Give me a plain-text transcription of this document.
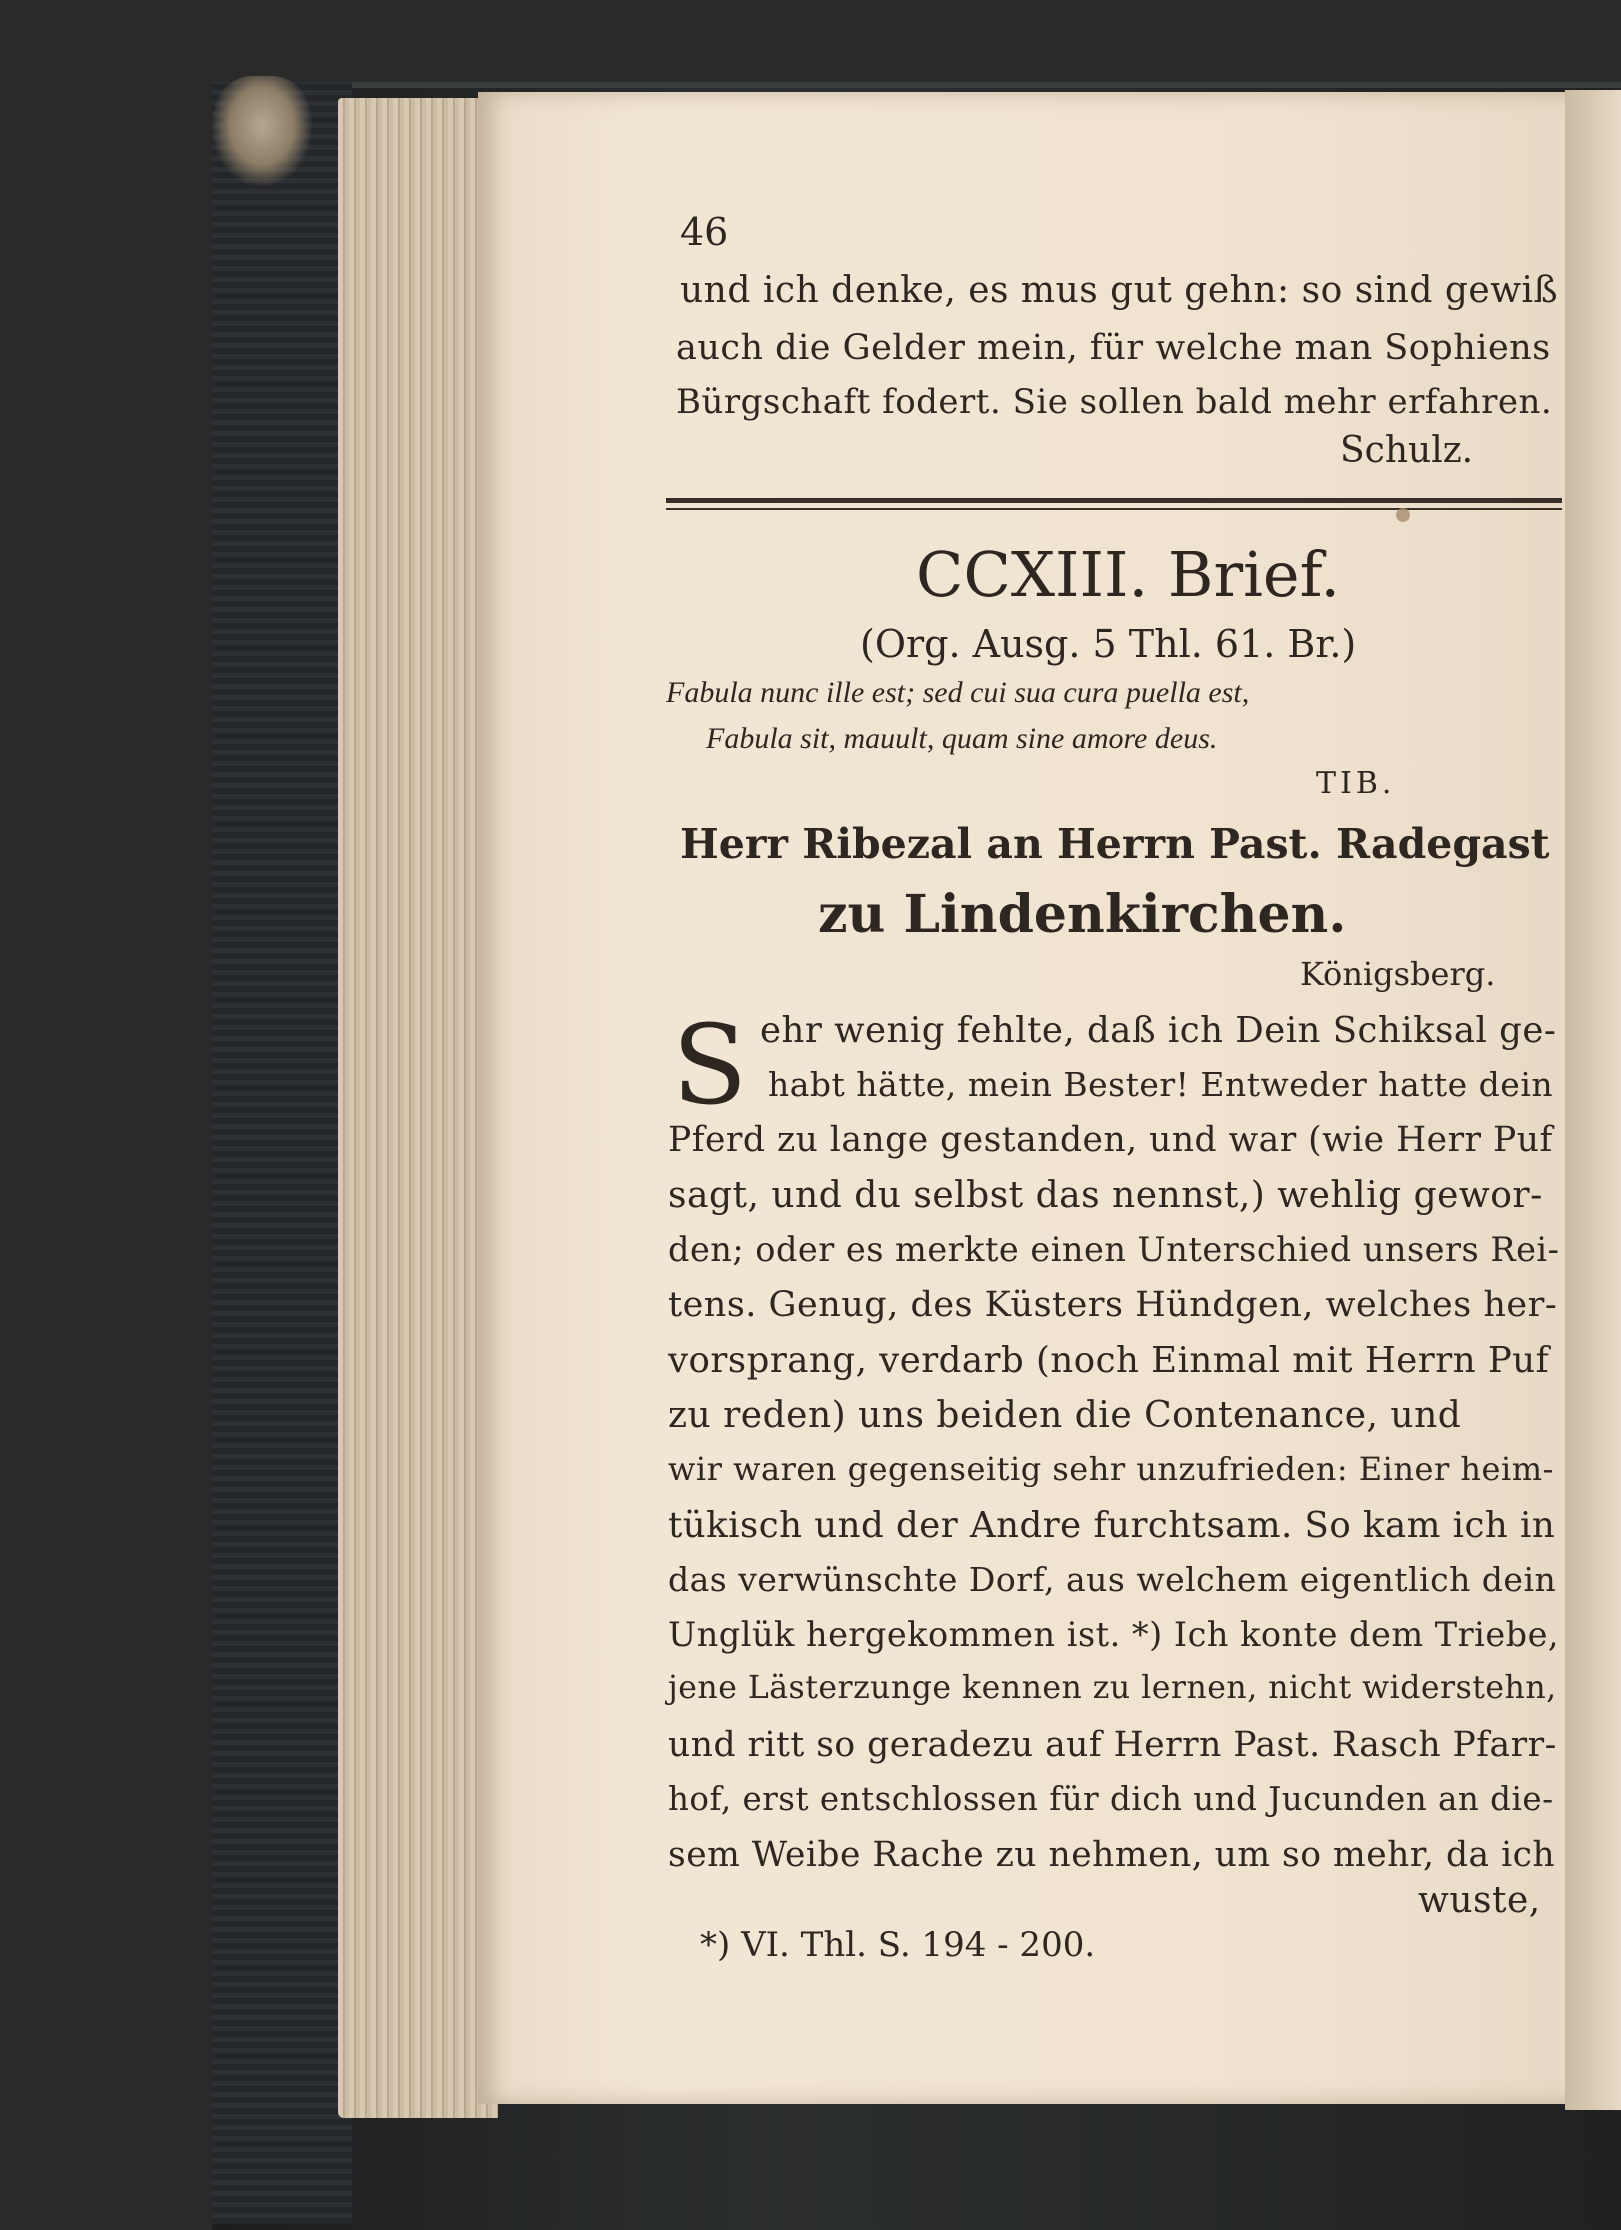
46
und ich denke, es mus gut gehn: so sind gewiß
auch die Gelder mein, für welche man Sophiens
Bürgschaft fodert. Sie sollen bald mehr erfahren.
Schulz.
CCXIII. Brief.
(Org. Ausg. 5 Thl. 61. Br.)
Fabula nunc ille est; sed cui sua cura puella est,
Fabula sit, mauult, quam sine amore deus.
TIB.
Herr Ribezal an Herrn Past. Radegast
zu Lindenkirchen.
Königsberg.
S ehr wenig fehlte, daß ich Dein Schiksal ge-
habt hätte, mein Bester! Entweder hatte dein
Pferd zu lange gestanden, und war (wie Herr Puf
sagt, und du selbst das nennst,) wehlig gewor-
den; oder es merkte einen Unterschied unsers Rei-
tens. Genug, des Küsters Hündgen, welches her-
vorsprang, verdarb (noch Einmal mit Herrn Puf
zu reden) uns beiden die Contenance, und
wir waren gegenseitig sehr unzufrieden: Einer heim-
tükisch und der Andre furchtsam. So kam ich in
das verwünschte Dorf, aus welchem eigentlich dein
Unglük hergekommen ist. *) Ich konte dem Triebe,
jene Lästerzunge kennen zu lernen, nicht widerstehn,
und ritt so geradezu auf Herrn Past. Rasch Pfarr-
hof, erst entschlossen für dich und Jucunden an die-
sem Weibe Rache zu nehmen, um so mehr, da ich
wuste,
*) VI. Thl. S. 194 - 200.
